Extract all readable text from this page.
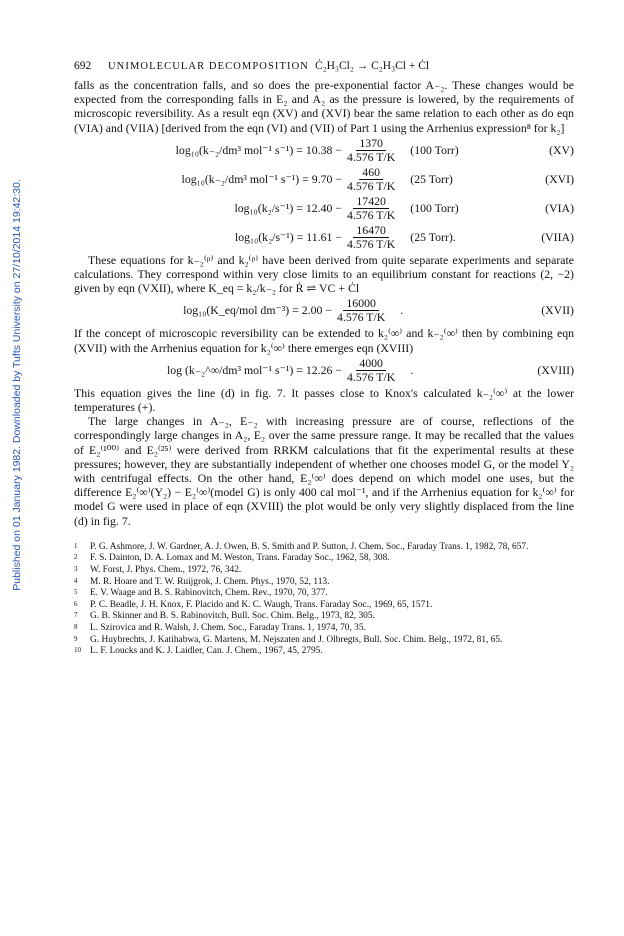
Published on 01 January 1982. Downloaded by Tufts University on 27/10/2014 19:42:30.
692	UNIMOLECULAR DECOMPOSITION Ċ₂H₃Cl₂ → C₂H₃Cl + Ċl

falls as the concentration falls, and so does the pre-exponential factor A₋₂. These changes would be expected from the corresponding falls in E₂ and A₂ as the pressure is lowered, by the requirements of microscopic reversibility. As a result eqn (XV) and (XVI) bear the same relation to each other as do eqn (VIA) and (VIIA) [derived from the eqn (VI) and (VII) of Part 1 using the Arrhenius expression⁸ for k₂]

log₁₀(k₋₂/dm³ mol⁻¹ $s^{-1}) = 10.38 - \frac{1370}{4.576 T/K} (100$ Torr)	(XV)
log₁₀(k₋₂/dm³ mol⁻¹ $s^{-1}) = 9.70 - \frac{460}{4.576 T/K} (25$ Torr)	(XVI)
$\log_{10}(k_2/s^{-1}) = 12.40 - \frac{17420}{4.576 T/K} (100$ Torr)	(VIA)
$\log_{10}(k_2/s^{-1}) = 11.61 - \frac{16470}{4.576 T/K} (25$ Torr).	(VIIA)

These equations for k₋₂⁽ᵖ⁾ and k₂⁽ᵖ⁾ have been derived from quite separate experiments and separate calculations. They correspond within very close limits to an equilibrium constant for reactions (2, −2) given by eqn (VXII), where K_eq = k₂/k₋₂ for Ṙ ⇌ VC + Ċl

log₁₀(K_eq/mol $dm^{-3}) = 2.00 - \frac{16000}{4.576 T/K}$ .	(XVII)

If the concept of microscopic reversibility can be extended to k₂⁽∞⁾ and k₋₂⁽∞⁾ then by combining eqn (XVII) with the Arrhenius equation for k₂⁽∞⁾ there emerges eqn (XVIII)

log (k₋₂^∞/dm³ mol⁻¹ $s^{-1}) = 12.26 - \frac{4000}{4.576 T/K}$ .	(XVIII)

This equation gives the line (d) in fig. 7. It passes close to Knox's calculated k₋₂⁽∞⁾ at the lower temperatures (+).

The large changes in A₋₂, E₋₂ with increasing pressure are of course, reflections of the correspondingly large changes in A₂, E₂ over the same pressure range. It may be recalled that the values of E₂⁽¹⁰⁰⁾ and E₂⁽²⁵⁾ were derived from RRKM calculations that fit the experimental results at these pressures; however, they are substantially independent of whether one chooses model G, or the model Y₂ with centrifugal effects. On the other hand, E₂⁽∞⁾ does depend on which model one uses, but the difference E₂⁽∞⁾(Y₂) − E₂⁽∞⁾(model G) is only 400 cal mol⁻¹, and if the Arrhenius equation for k₂⁽∞⁾ for model G were used in place of eqn (XVIII) the plot would be only very slightly displaced from the line (d) in fig. 7.

1	P. G. Ashmore, J. W. Gardner, A. J. Owen, B. S. Smith and P. Sutton, J. Chem. Soc., Faraday Trans. 1, 1982, 78, 657.
2	F. S. Dainton, D. A. Lomax and M. Weston, Trans. Faraday Soc., 1962, 58, 308.
3	W. Forst, J. Phys. Chem., 1972, 76, 342.
4	M. R. Hoare and T. W. Ruijgrok, J. Chem. Phys., 1970, 52, 113.
5	E. V. Waage and B. S. Rabinovitch, Chem. Rev., 1970, 70, 377.
6	P. C. Beadle, J. H. Knox, F. Placido and K. C. Waugh, Trans. Faraday Soc., 1969, 65, 1571.
7	G. B. Skinner and B. S. Rabinovitch, Bull. Soc. Chim. Belg., 1973, 82, 305.
8	L. Szirovica and R. Walsh, J. Chem. Soc., Faraday Trans. 1, 1974, 70, 35.
9	G. Huybrechts, J. Katihabwa, G. Martens, M. Nejszaten and J. Olbregts, Bull. Soc. Chim. Belg., 1972, 81, 65.
10 L. F. Loucks and K. J. Laidler, Can. J. Chem., 1967, 45, 2795.
